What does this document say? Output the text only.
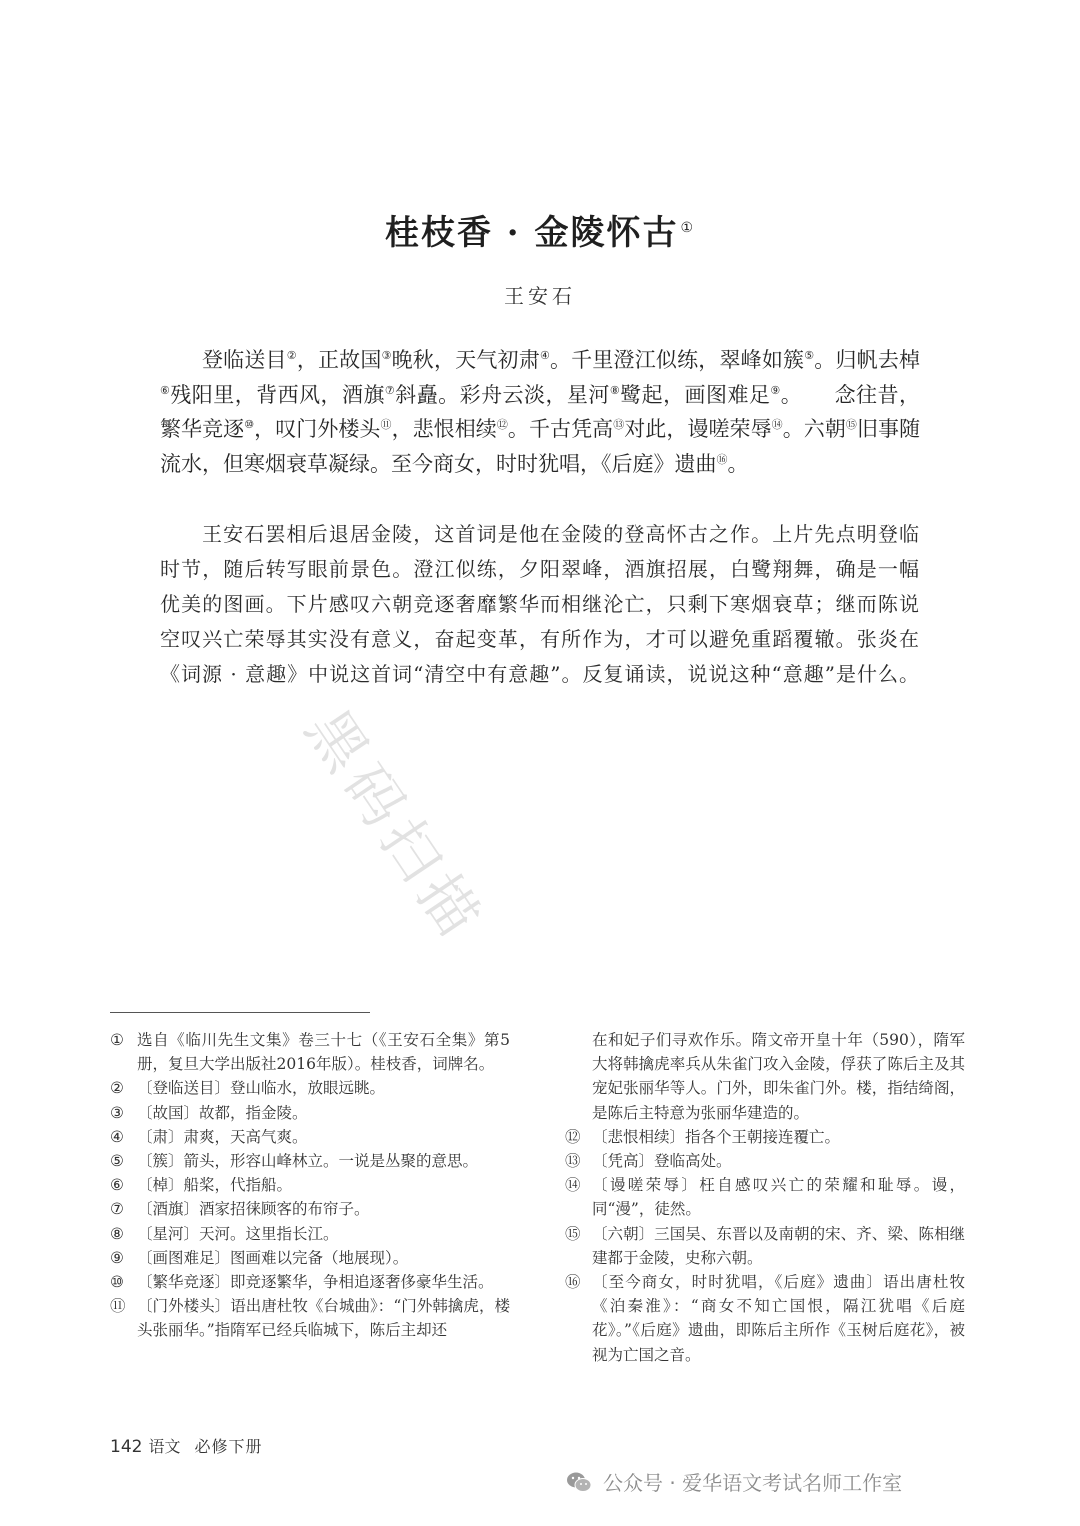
桂枝香 · 金陵怀古 ①
王安石

登临送目②，正故国③晚秋，天气初肃④。千里澄江似练，翠峰如簇⑤。归帆去棹⑥残阳里，背西风，酒旗⑦斜矗。彩舟云淡，星河⑧鹭起，画图难足⑨。　　念往昔，繁华竞逐⑩，叹门外楼头⑪，悲恨相续⑫。千古凭高⑬对此，谩嗟荣辱⑭。六朝⑮旧事随流水，但寒烟衰草凝绿。至今商女，时时犹唱，《后庭》遗曲⑯。

王安石罢相后退居金陵，这首词是他在金陵的登高怀古之作。上片先点明登临时节，随后转写眼前景色。澄江似练，夕阳翠峰，酒旗招展，白鹭翔舞，确是一幅优美的图画。下片感叹六朝竞逐奢靡繁华而相继沦亡，只剩下寒烟衰草；继而陈说空叹兴亡荣辱其实没有意义，奋起变革，有所作为，才可以避免重蹈覆辙。张炎在《词源 · 意趣》中说这首词“清空中有意趣”。反复诵读，说说这种“意趣”是什么。

黑码扫描

① 选自《临川先生文集》卷三十七（《王安石全集》第5册，复旦大学出版社2016年版）。桂枝香，词牌名。

② 〔登临送目〕登山临水，放眼远眺。

③ 〔故国〕故都，指金陵。

④ 〔肃〕肃爽，天高气爽。

⑤ 〔簇〕箭头，形容山峰林立。一说是丛聚的意思。

⑥ 〔棹〕船桨，代指船。

⑦ 〔酒旗〕酒家招徕顾客的布帘子。

⑧ 〔星河〕天河。这里指长江。

⑨ 〔画图难足〕图画难以完备（地展现）。

⑩ 〔繁华竞逐〕即竞逐繁华，争相追逐奢侈豪华生活。

⑪ 〔门外楼头〕语出唐杜牧《台城曲》：“门外韩擒虎，楼头张丽华。”指隋军已经兵临城下，陈后主却还

在和妃子们寻欢作乐。隋文帝开皇十年（590），隋军大将韩擒虎率兵从朱雀门攻入金陵，俘获了陈后主及其宠妃张丽华等人。门外，即朱雀门外。楼，指结绮阁，是陈后主特意为张丽华建造的。

⑫ 〔悲恨相续〕指各个王朝接连覆亡。

⑬ 〔凭高〕登临高处。

⑭ 〔谩嗟荣辱〕枉自感叹兴亡的荣耀和耻辱。谩，同“漫”，徒然。

⑮ 〔六朝〕三国吴、东晋以及南朝的宋、齐、梁、陈相继建都于金陵，史称六朝。

⑯ 〔至今商女，时时犹唱，《后庭》遗曲〕语出唐杜牧《泊秦淮》：“商女不知亡国恨，隔江犹唱《后庭花》。”《后庭》遗曲，即陈后主所作《玉树后庭花》，被视为亡国之音。

142 语文 必修下册
公众号 · 爱华语文考试名师工作室
